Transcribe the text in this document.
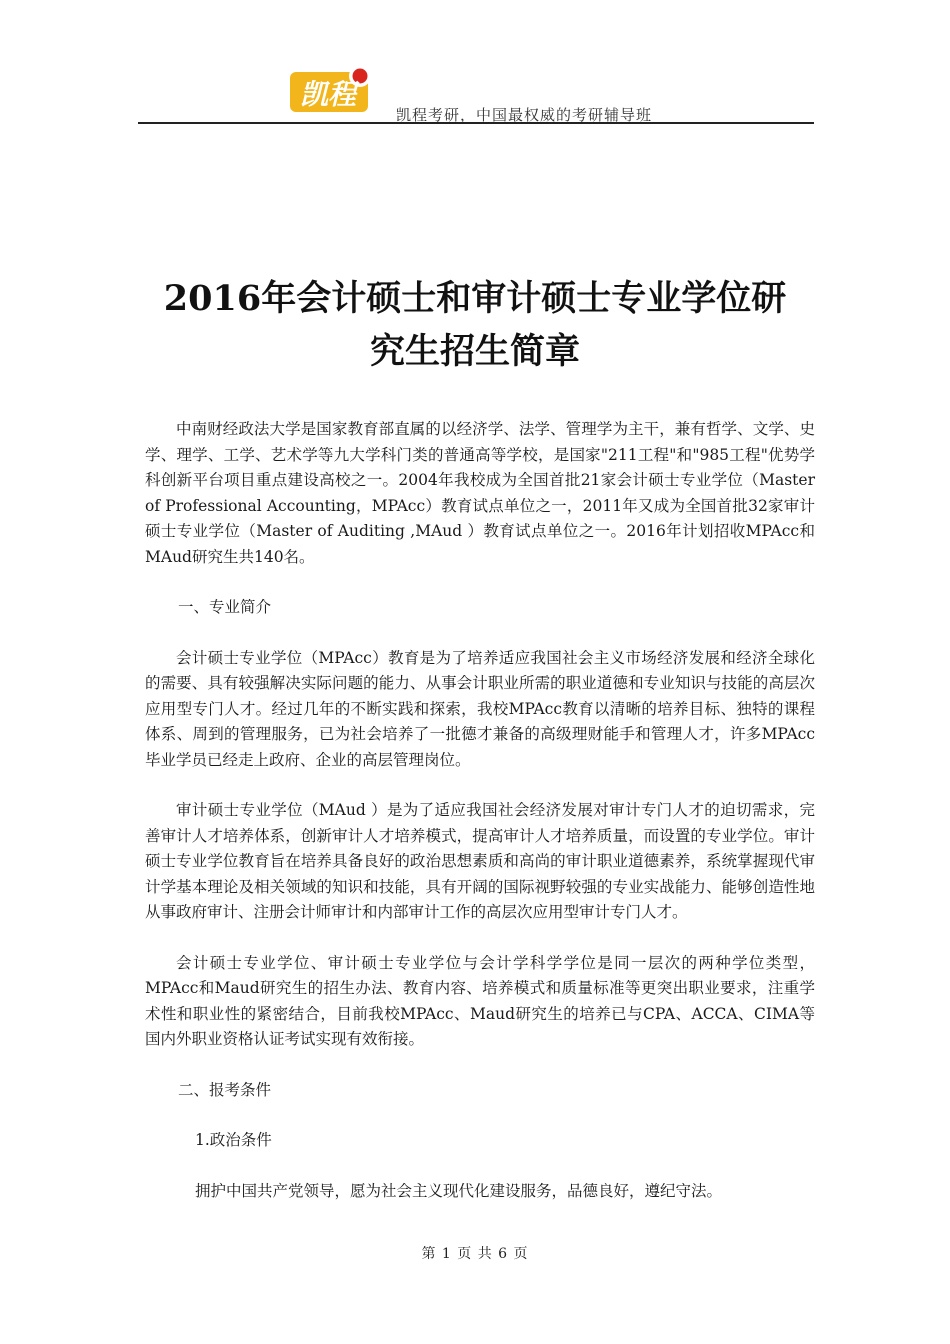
凯程
凯程考研，中国最权威的考研辅导班
2016年会计硕士和审计硕士专业学位研
究生招生简章

中南财经政法大学是国家教育部直属的以经济学、法学、管理学为主干，兼有哲学、文学、史学、理学、工学、艺术学等九大学科门类的普通高等学校，是国家"211工程"和"985工程"优势学科创新平台项目重点建设高校之一。2004年我校成为全国首批21家会计硕士专业学位（Master of Professional Accounting，MPAcc）教育试点单位之一，2011年又成为全国首批32家审计硕士专业学位（Master of Auditing ,MAud ）教育试点单位之一。2016年计划招收MPAcc和MAud研究生共140名。

一、专业简介

会计硕士专业学位（MPAcc）教育是为了培养适应我国社会主义市场经济发展和经济全球化的需要、具有较强解决实际问题的能力、从事会计职业所需的职业道德和专业知识与技能的高层次应用型专门人才。经过几年的不断实践和探索，我校MPAcc教育以清晰的培养目标、独特的课程体系、周到的管理服务，已为社会培养了一批德才兼备的高级理财能手和管理人才，许多MPAcc毕业学员已经走上政府、企业的高层管理岗位。

审计硕士专业学位（MAud ）是为了适应我国社会经济发展对审计专门人才的迫切需求，完善审计人才培养体系，创新审计人才培养模式，提高审计人才培养质量，而设置的专业学位。审计硕士专业学位教育旨在培养具备良好的政治思想素质和高尚的审计职业道德素养，系统掌握现代审计学基本理论及相关领域的知识和技能，具有开阔的国际视野较强的专业实战能力、能够创造性地从事政府审计、注册会计师审计和内部审计工作的高层次应用型审计专门人才。

会计硕士专业学位、审计硕士专业学位与会计学科学学位是同一层次的两种学位类型，MPAcc和Maud研究生的招生办法、教育内容、培养模式和质量标准等更突出职业要求，注重学术性和职业性的紧密结合，目前我校MPAcc、Maud研究生的培养已与CPA、ACCA、CIMA等国内外职业资格认证考试实现有效衔接。

二、报考条件

1.政治条件

拥护中国共产党领导，愿为社会主义现代化建设服务，品德良好，遵纪守法。

第 1 页 共 6 页
